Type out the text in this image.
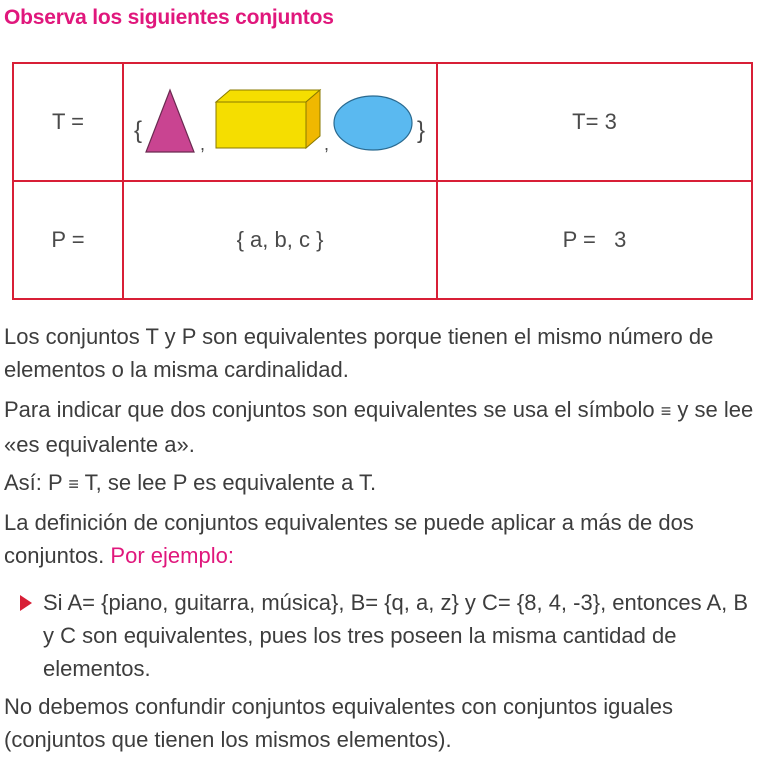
Observa los siguientes conjuntos
T =	{ , , }	T= 3
P =	{ a, b, c }	P =   3
Los conjuntos T y P son equivalentes porque tienen el mismo número de elementos o la misma cardinalidad.
Para indicar que dos conjuntos son equivalentes se usa el símbolo ≡ y se lee «es equivalente a».
Así: P ≡ T, se lee P es equivalente a T.
La definición de conjuntos equivalentes se puede aplicar a más de dos conjuntos. Por ejemplo:
Si A= {piano, guitarra, música}, B= {q, a, z} y C= {8, 4, -3}, entonces A, B y C son equivalentes, pues los tres poseen la misma cantidad de elementos.
No debemos confundir conjuntos equivalentes con conjuntos iguales (conjuntos que tienen los mismos elementos).
